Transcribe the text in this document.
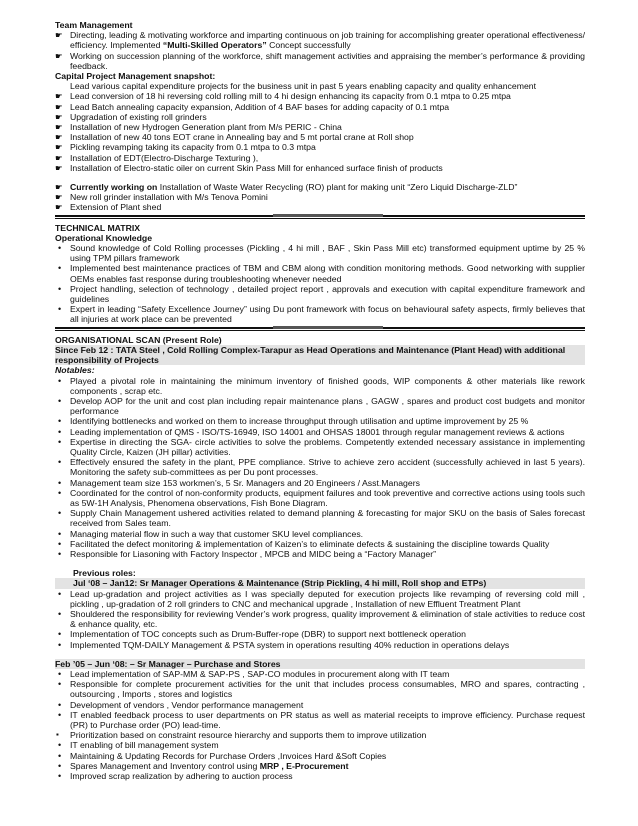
Team Management
☛ Directing, leading & motivating workforce and imparting continuous on job training for accomplishing greater operational effectiveness/ efficiency. Implemented “Multi-Skilled Operators” Concept successfully
☛ Working on succession planning of the workforce, shift management activities and appraising the member’s performance & providing feedback.
Capital Project Management snapshot:
Lead various capital expenditure projects for the business unit in past 5 years enabling capacity and quality enhancement
☛ Lead conversion of 18 hi reversing cold rolling mill to 4 hi design enhancing its capacity from 0.1 mtpa to 0.25 mtpa
☛ Lead Batch annealing capacity expansion, Addition of 4 BAF bases for adding capacity of 0.1 mtpa
☛ Upgradation of existing roll grinders
☛ Installation of new Hydrogen Generation plant from M/s PERIC - China
☛ Installation of new 40 tons EOT crane in Annealing bay and 5 mt portal crane at Roll shop
☛ Pickling revamping taking its capacity from 0.1 mtpa to 0.3 mtpa
☛ Installation of EDT(Electro-Discharge Texturing ),
☛ Installation of Electro-static oiler on current Skin Pass Mill for enhanced surface finish of products
☛ Currently working on Installation of Waste Water Recycling (RO) plant for making unit “Zero Liquid Discharge-ZLD”
☛ New roll grinder installation with M/s Tenova Pomini
☛ Extension of Plant shed
TECHNICAL MATRIX
Operational Knowledge
• Sound knowledge of Cold Rolling processes (Pickling , 4 hi mill , BAF , Skin Pass Mill etc) transformed equipment uptime by 25 % using TPM pillars framework
• Implemented best maintenance practices of TBM and CBM along with condition monitoring methods. Good networking with supplier OEMs enables fast response during troubleshooting whenever needed
• Project handling, selection of technology , detailed project report , approvals and execution with capital expenditure framework and guidelines
• Expert in leading “Safety Excellence Journey” using Du pont framework with focus on behavioural safety aspects, firmly believes that all injuries at work place can be prevented
ORGANISATIONAL SCAN (Present Role)
Since Feb 12 : TATA Steel , Cold Rolling Complex-Tarapur as Head Operations and Maintenance (Plant Head) with additional responsibility of Projects
Notables:
• Played a pivotal role in maintaining the minimum inventory of finished goods, WIP components & other materials like rework components , scrap etc.
• Develop AOP for the unit and cost plan including repair maintenance plans , GAGW , spares and product cost budgets and monitor performance
• Identifying bottlenecks and worked on them to increase throughput through utilisation and uptime improvement by 25 %
• Leading implementation of QMS - ISO/TS-16949, ISO 14001 and OHSAS 18001 through regular management reviews & actions
• Expertise in directing the SGA- circle activities to solve the problems. Competently extended necessary assistance in implementing Quality Circle, Kaizen (JH pillar) activities.
• Effectively ensured the safety in the plant, PPE compliance. Strive to achieve zero accident (successfully achieved in last 5 years). Monitoring the safety sub-committees as per Du pont processes.
• Management team size 153 workmen’s, 5 Sr. Managers and 20 Engineers / Asst.Managers
• Coordinated for the control of non-conformity products, equipment failures and took preventive and corrective actions using tools such as 5W-1H Analysis, Phenomena observations, Fish Bone Diagram.
• Supply Chain Management ushered activities related to demand planning & forecasting for major SKU on the basis of Sales forecast received from Sales team.
• Managing material flow in such a way that customer SKU level compliances.
• Facilitated the defect monitoring & implementation of Kaizen’s to eliminate defects & sustaining the discipline towards Quality
• Responsible for Liasoning with Factory Inspector , MPCB and MIDC being a “Factory Manager”
Previous roles:
Jul ‘08 – Jan12: Sr Manager Operations & Maintenance (Strip Pickling, 4 hi mill, Roll shop and ETPs)
• Lead up-gradation and project activities as I was specially deputed for execution projects like revamping of reversing cold mill , pickling , up-gradation of 2 roll grinders to CNC and mechanical upgrade , Installation of new Effluent Treatment Plant
• Shouldered the responsibility for reviewing Vender’s work progress, quality improvement & elimination of stale activities to reduce cost & enhance quality, etc.
• Implementation of TOC concepts such as Drum-Buffer-rope (DBR) to support next bottleneck operation
• Implemented TQM-DAILY Management & PSTA system in operations resulting 40% reduction in operations delays
Feb ’05 – Jun ‘08: – Sr Manager – Purchase and Stores
• Lead implementation of SAP-MM & SAP-PS , SAP-CO modules in procurement along with IT team
• Responsible for complete procurement activities for the unit that includes process consumables, MRO and spares, contracting , outsourcing , Imports , stores and logistics
• Development of vendors , Vendor performance management
• IT enabled feedback process to user departments on PR status as well as material receipts to improve efficiency. Purchase request (PR) to Purchase order (PO) lead-time.
▪ Prioritization based on constraint resource hierarchy and supports them to improve utilization
• IT enabling of bill management system
• Maintaining & Updating Records for Purchase Orders ,Invoices Hard &Soft Copies
• Spares Management and Inventory control using MRP , E-Procurement
• Improved scrap realization by adhering to auction process
